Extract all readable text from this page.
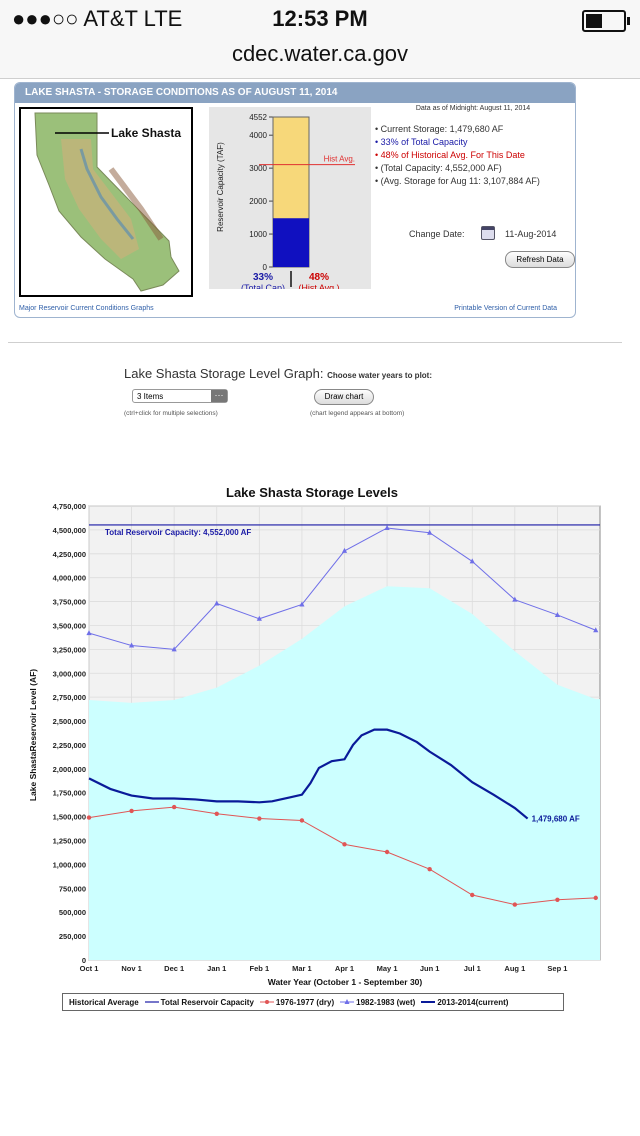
●●●○○ AT&T LTE	12:53 PM
cdec.water.ca.gov
LAKE SHASTA - STORAGE CONDITIONS AS OF AUGUST 11, 2014
Lake Shasta
Reservoir Capacity (TAF)
4552
4000
3000
2000
1000
0
Hist Avg.
33%
(Total Cap)
48%
(Hist Avg.)
Data as of Midnight: August 11, 2014
• Current Storage: 1,479,680 AF
• 33% of Total Capacity
• 48% of Historical Avg. For This Date
• (Total Capacity: 4,552,000 AF)
• (Avg. Storage for Aug 11: 3,107,884 AF)
Change Date:	11-Aug-2014
Refresh Data
Major Reservoir Current Conditions Graphs	Printable Version of Current Data
Lake Shasta Storage Level Graph: Choose water years to plot:
3 Items	···
(ctrl+click for multiple selections)
Draw chart
(chart legend appears at bottom)
Lake Shasta Storage Levels
Lake ShastaReservoir Level (AF)
Water Year (October 1 - September 30)
Total Reservoir Capacity: 4,552,000 AF
1,479,680 AF
4,750,000
4,500,000
4,250,000
4,000,000
3,750,000
3,500,000
3,250,000
3,000,000
2,750,000
2,500,000
2,250,000
2,000,000
1,750,000
1,500,000
1,250,000
1,000,000
750,000
500,000
250,000
0
Oct 1	Nov 1	Dec 1	Jan 1	Feb 1	Mar 1	Apr 1	May 1	Jun 1	Jul 1	Aug 1	Sep 1
Historical Average	Total Reservoir Capacity	1976-1977 (dry)	1982-1983 (wet)	2013-2014(current)
